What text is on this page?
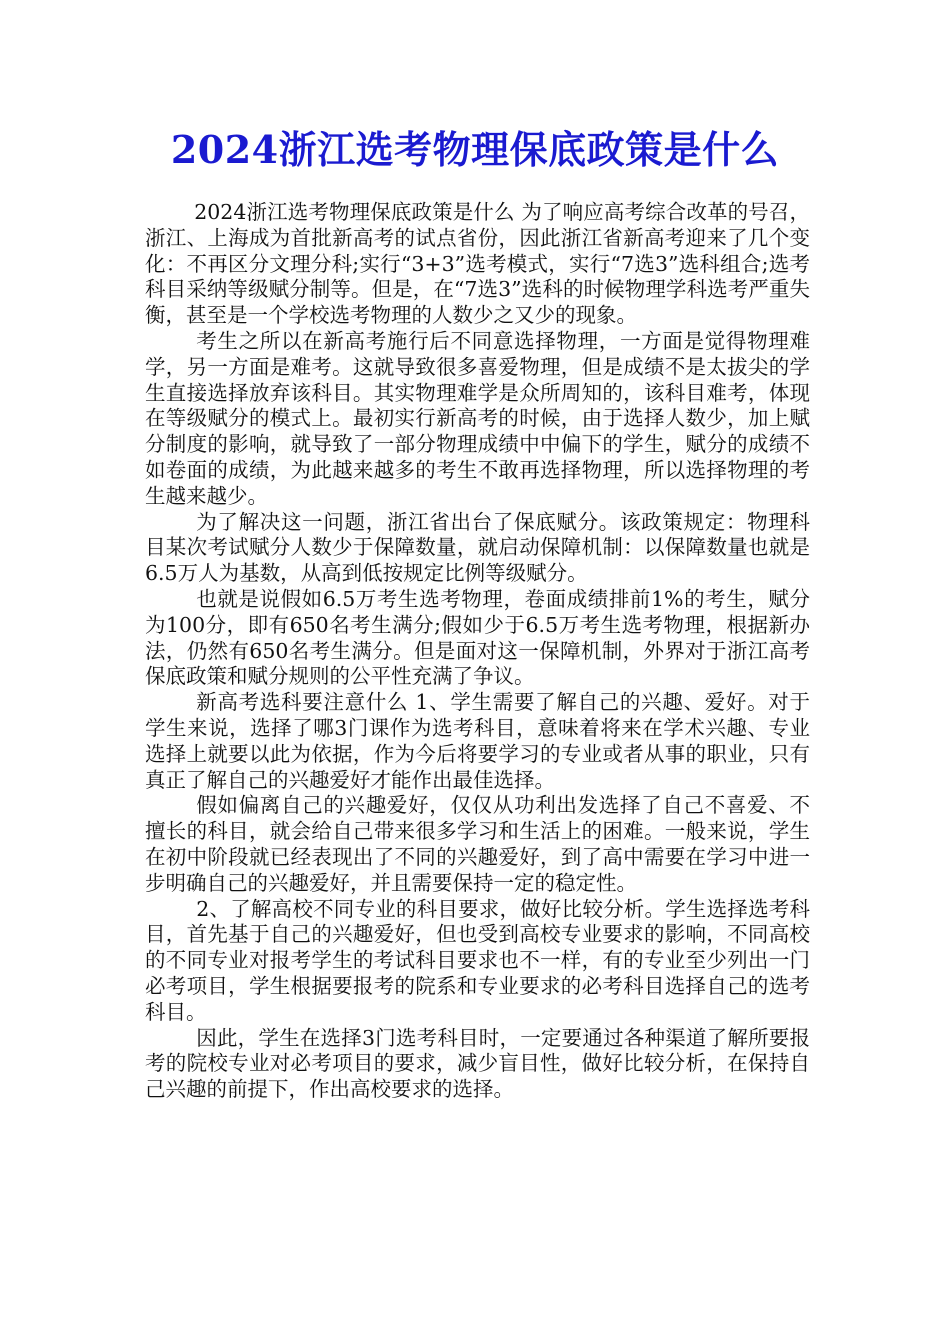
2024浙江选考物理保底政策是什么

2024浙江选考物理保底政策是什么 为了响应高考综合改革的号召，浙江、上海成为首批新高考的试点省份，因此浙江省新高考迎来了几个变化：不再区分文理分科;实行“3+3”选考模式，实行“7选3”选科组合;选考科目采纳等级赋分制等。但是，在“7选3”选科的时候物理学科选考严重失衡，甚至是一个学校选考物理的人数少之又少的现象。

考生之所以在新高考施行后不同意选择物理，一方面是觉得物理难学，另一方面是难考。这就导致很多喜爱物理，但是成绩不是太拔尖的学生直接选择放弃该科目。其实物理难学是众所周知的，该科目难考，体现在等级赋分的模式上。最初实行新高考的时候，由于选择人数少，加上赋分制度的影响，就导致了一部分物理成绩中中偏下的学生，赋分的成绩不如卷面的成绩，为此越来越多的考生不敢再选择物理，所以选择物理的考生越来越少。

为了解决这一问题，浙江省出台了保底赋分。该政策规定：物理科目某次考试赋分人数少于保障数量，就启动保障机制：以保障数量也就是6.5万人为基数，从高到低按规定比例等级赋分。

也就是说假如6.5万考生选考物理，卷面成绩排前1%的考生，赋分为100分，即有650名考生满分;假如少于6.5万考生选考物理，根据新办法，仍然有650名考生满分。但是面对这一保障机制，外界对于浙江高考保底政策和赋分规则的公平性充满了争议。

新高考选科要注意什么 1、学生需要了解自己的兴趣、爱好。对于学生来说，选择了哪3门课作为选考科目，意味着将来在学术兴趣、专业选择上就要以此为依据，作为今后将要学习的专业或者从事的职业，只有真正了解自己的兴趣爱好才能作出最佳选择。

假如偏离自己的兴趣爱好，仅仅从功利出发选择了自己不喜爱、不擅长的科目，就会给自己带来很多学习和生活上的困难。一般来说，学生在初中阶段就已经表现出了不同的兴趣爱好，到了高中需要在学习中进一步明确自己的兴趣爱好，并且需要保持一定的稳定性。

2、了解高校不同专业的科目要求，做好比较分析。学生选择选考科目，首先基于自己的兴趣爱好，但也受到高校专业要求的影响，不同高校的不同专业对报考学生的考试科目要求也不一样，有的专业至少列出一门必考项目，学生根据要报考的院系和专业要求的必考科目选择自己的选考科目。

因此，学生在选择3门选考科目时，一定要通过各种渠道了解所要报考的院校专业对必考项目的要求，减少盲目性，做好比较分析，在保持自己兴趣的前提下，作出高校要求的选择。
